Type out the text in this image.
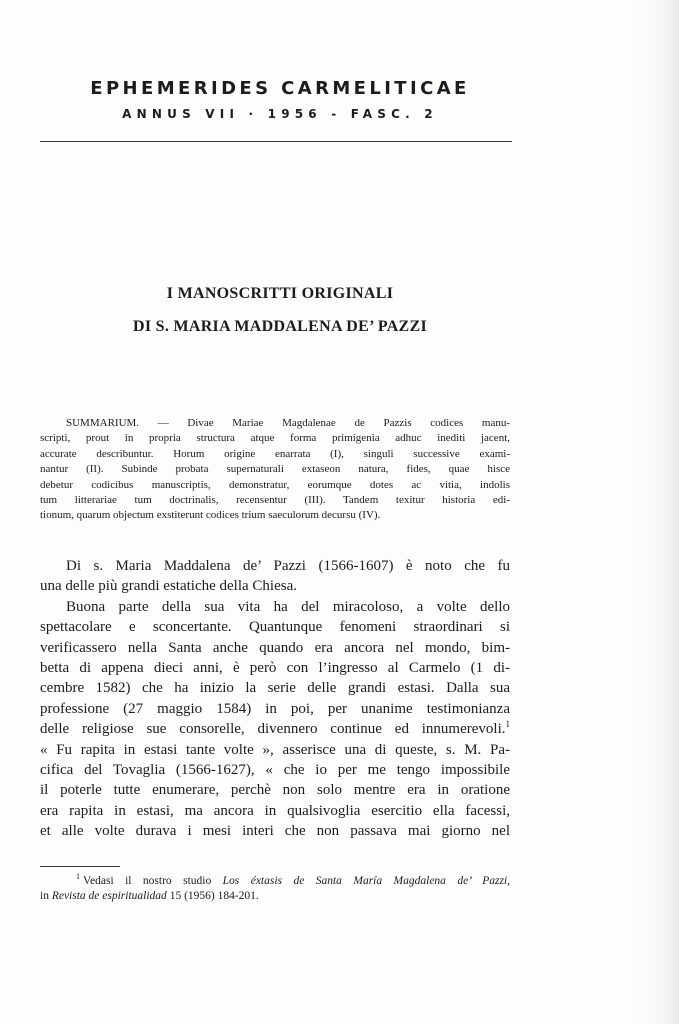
EPHEMERIDES CARMELITICAE
ANNUS VII · 1956 - FASC. 2
I MANOSCRITTI ORIGINALI
DI S. MARIA MADDALENA DE’ PAZZI
SUMMARIUM. — Divae Mariae Magdalenae de Pazzis codices manu-
scripti, prout in propria structura atque forma primigenia adhuc inediti jacent,
accurate describuntur. Horum origine enarrata (I), singuli successive exami-
nantur (II). Subinde probata supernaturali extaseon natura, fides, quae hisce
debetur codicibus manuscriptis, demonstratur, eorumque dotes ac vitia, indolis
tum litterariae tum doctrinalis, recensentur (III). Tandem texitur historia edi-
tionum, quarum objectum exstiterunt codices trium saeculorum decursu (IV).
Di s. Maria Maddalena de’ Pazzi (1566-1607) è noto che fu
una delle più grandi estatiche della Chiesa.
Buona parte della sua vita ha del miracoloso, a volte dello
spettacolare e sconcertante. Quantunque fenomeni straordinari si
verificassero nella Santa anche quando era ancora nel mondo, bim-
betta di appena dieci anni, è però con l’ingresso al Carmelo (1 di-
cembre 1582) che ha inizio la serie delle grandi estasi. Dalla sua
professione (27 maggio 1584) in poi, per unanime testimonianza
delle religiose sue consorelle, divennero continue ed innumerevoli.$^1$
« Fu rapita in estasi tante volte », asserisce una di queste, s. M. Pa-
cifica del Tovaglia (1566-1627), « che io per me tengo impossibile
il poterle tutte enumerare, perchè non solo mentre era in oratione
era rapita in estasi, ma ancora in qualsivoglia esercitio ella facessi,
et alle volte durava i mesi interi che non passava mai giorno nel
$^1$ Vedasi il nostro studio Los éxtasis de Santa María Magdalena de’ Pazzi,
in Revista de espiritualidad 15 (1956) 184-201.
